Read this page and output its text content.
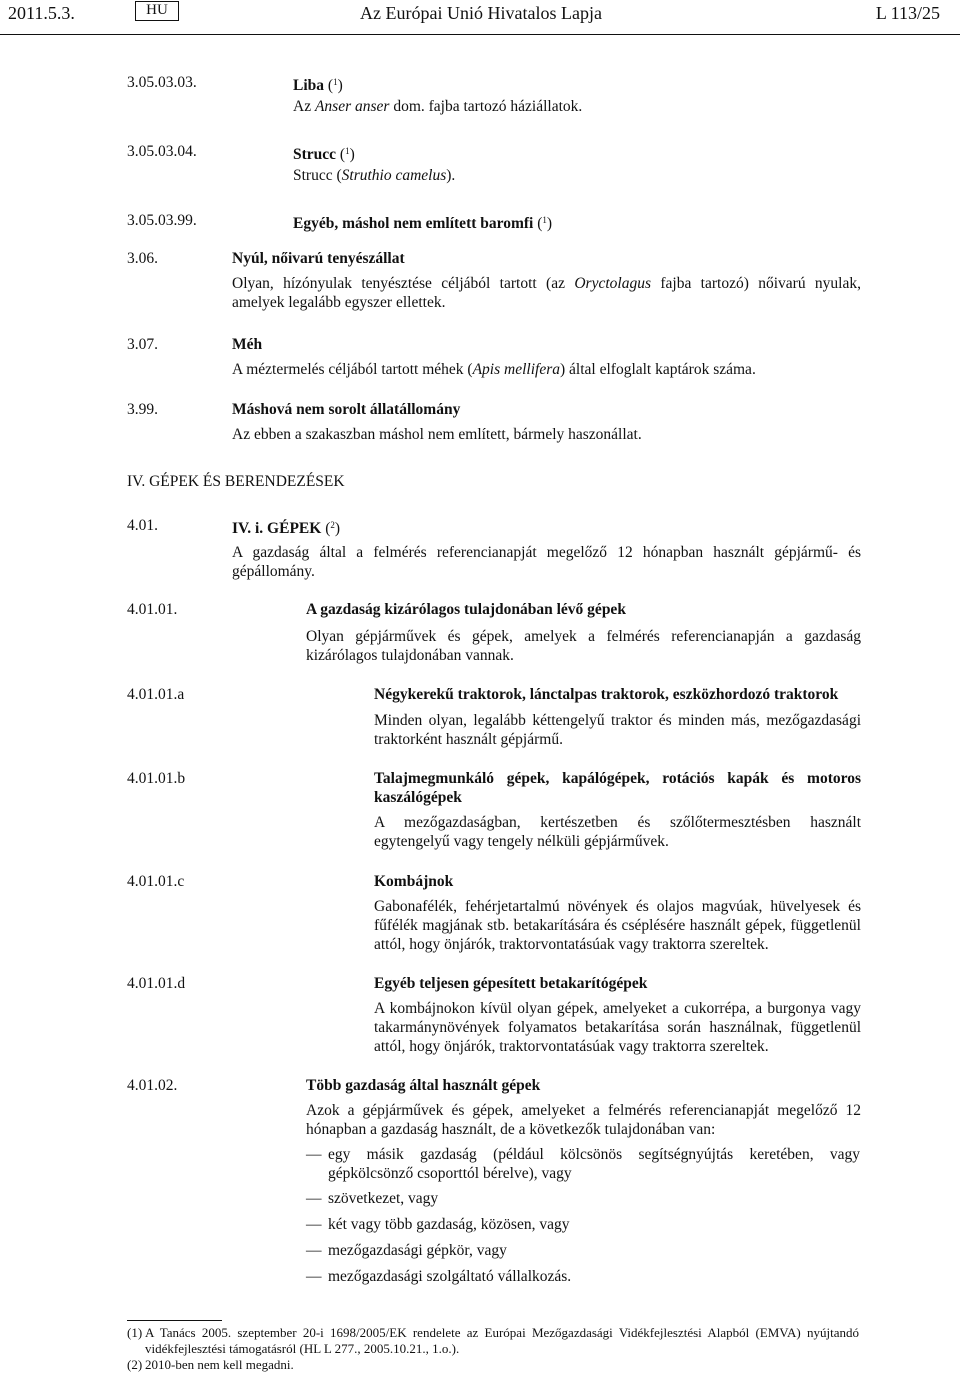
2011.5.3.	HU	Az Európai Unió Hivatalos Lapja	L 113/25
3.05.03.03.	Liba ($^1$)
Az Anser anser dom. fajba tartozó háziállatok.
3.05.03.04.	Strucc ($^1$)
Strucc (Struthio camelus).
3.05.03.99.	Egyéb, máshol nem említett baromfi ($^1$)
3.06.	Nyúl, nőivarú tenyészállat
Olyan, hízónyulak tenyésztése céljából tartott (az Oryctolagus fajba tartozó) nőivarú nyulak, amelyek legalább egyszer ellettek.
3.07.	Méh
A méztermelés céljából tartott méhek (Apis mellifera) által elfoglalt kaptárok száma.
3.99.	Máshová nem sorolt állatállomány
Az ebben a szakaszban máshol nem említett, bármely haszonállat.
IV. GÉPEK ÉS BERENDEZÉSEK
4.01.	IV. i. GÉPEK ($^2$)
A gazdaság által a felmérés referencianapját megelőző 12 hónapban használt gépjármű- és gépállomány.
4.01.01.	A gazdaság kizárólagos tulajdonában lévő gépek
Olyan gépjárművek és gépek, amelyek a felmérés referencianapján a gazdaság kizárólagos tulajdonában vannak.
4.01.01.a	Négykerekű traktorok, lánctalpas traktorok, eszközhordozó traktorok
Minden olyan, legalább kéttengelyű traktor és minden más, mezőgazdasági traktorként használt gépjármű.
4.01.01.b	Talajmegmunkáló gépek, kapálógépek, rotációs kapák és motoros kaszálógépek
A mezőgazdaságban, kertészetben és szőlőtermesztésben használt egytengelyű vagy tengely nélküli gépjárművek.
4.01.01.c	Kombájnok
Gabonafélék, fehérjetartalmú növények és olajos magvúak, hüvelyesek és fűfélék magjának stb. betakarítására és cséplésére használt gépek, függetlenül attól, hogy önjárók, traktorvontatásúak vagy traktorra szereltek.
4.01.01.d	Egyéb teljesen gépesített betakarítógépek
A kombájnokon kívül olyan gépek, amelyeket a cukorrépa, a burgonya vagy takarmánynövények folyamatos betakarítása során használnak, függetlenül attól, hogy önjárók, traktorvontatásúak vagy traktorra szereltek.
4.01.02.	Több gazdaság által használt gépek
Azok a gépjárművek és gépek, amelyeket a felmérés referencianapját megelőző 12 hónapban a gazdaság használt, de a következők tulajdonában van:
— egy másik gazdaság (például kölcsönös segítségnyújtás keretében, vagy gépkölcsönző csoporttól bérelve), vagy
— szövetkezet, vagy
— két vagy több gazdaság, közösen, vagy
— mezőgazdasági gépkör, vagy
— mezőgazdasági szolgáltató vállalkozás.
(1) A Tanács 2005. szeptember 20-i 1698/2005/EK rendelete az Európai Mezőgazdasági Vidékfejlesztési Alapból (EMVA) nyújtandó vidékfejlesztési támogatásról (HL L 277., 2005.10.21., 1.o.).
(2) 2010-ben nem kell megadni.
